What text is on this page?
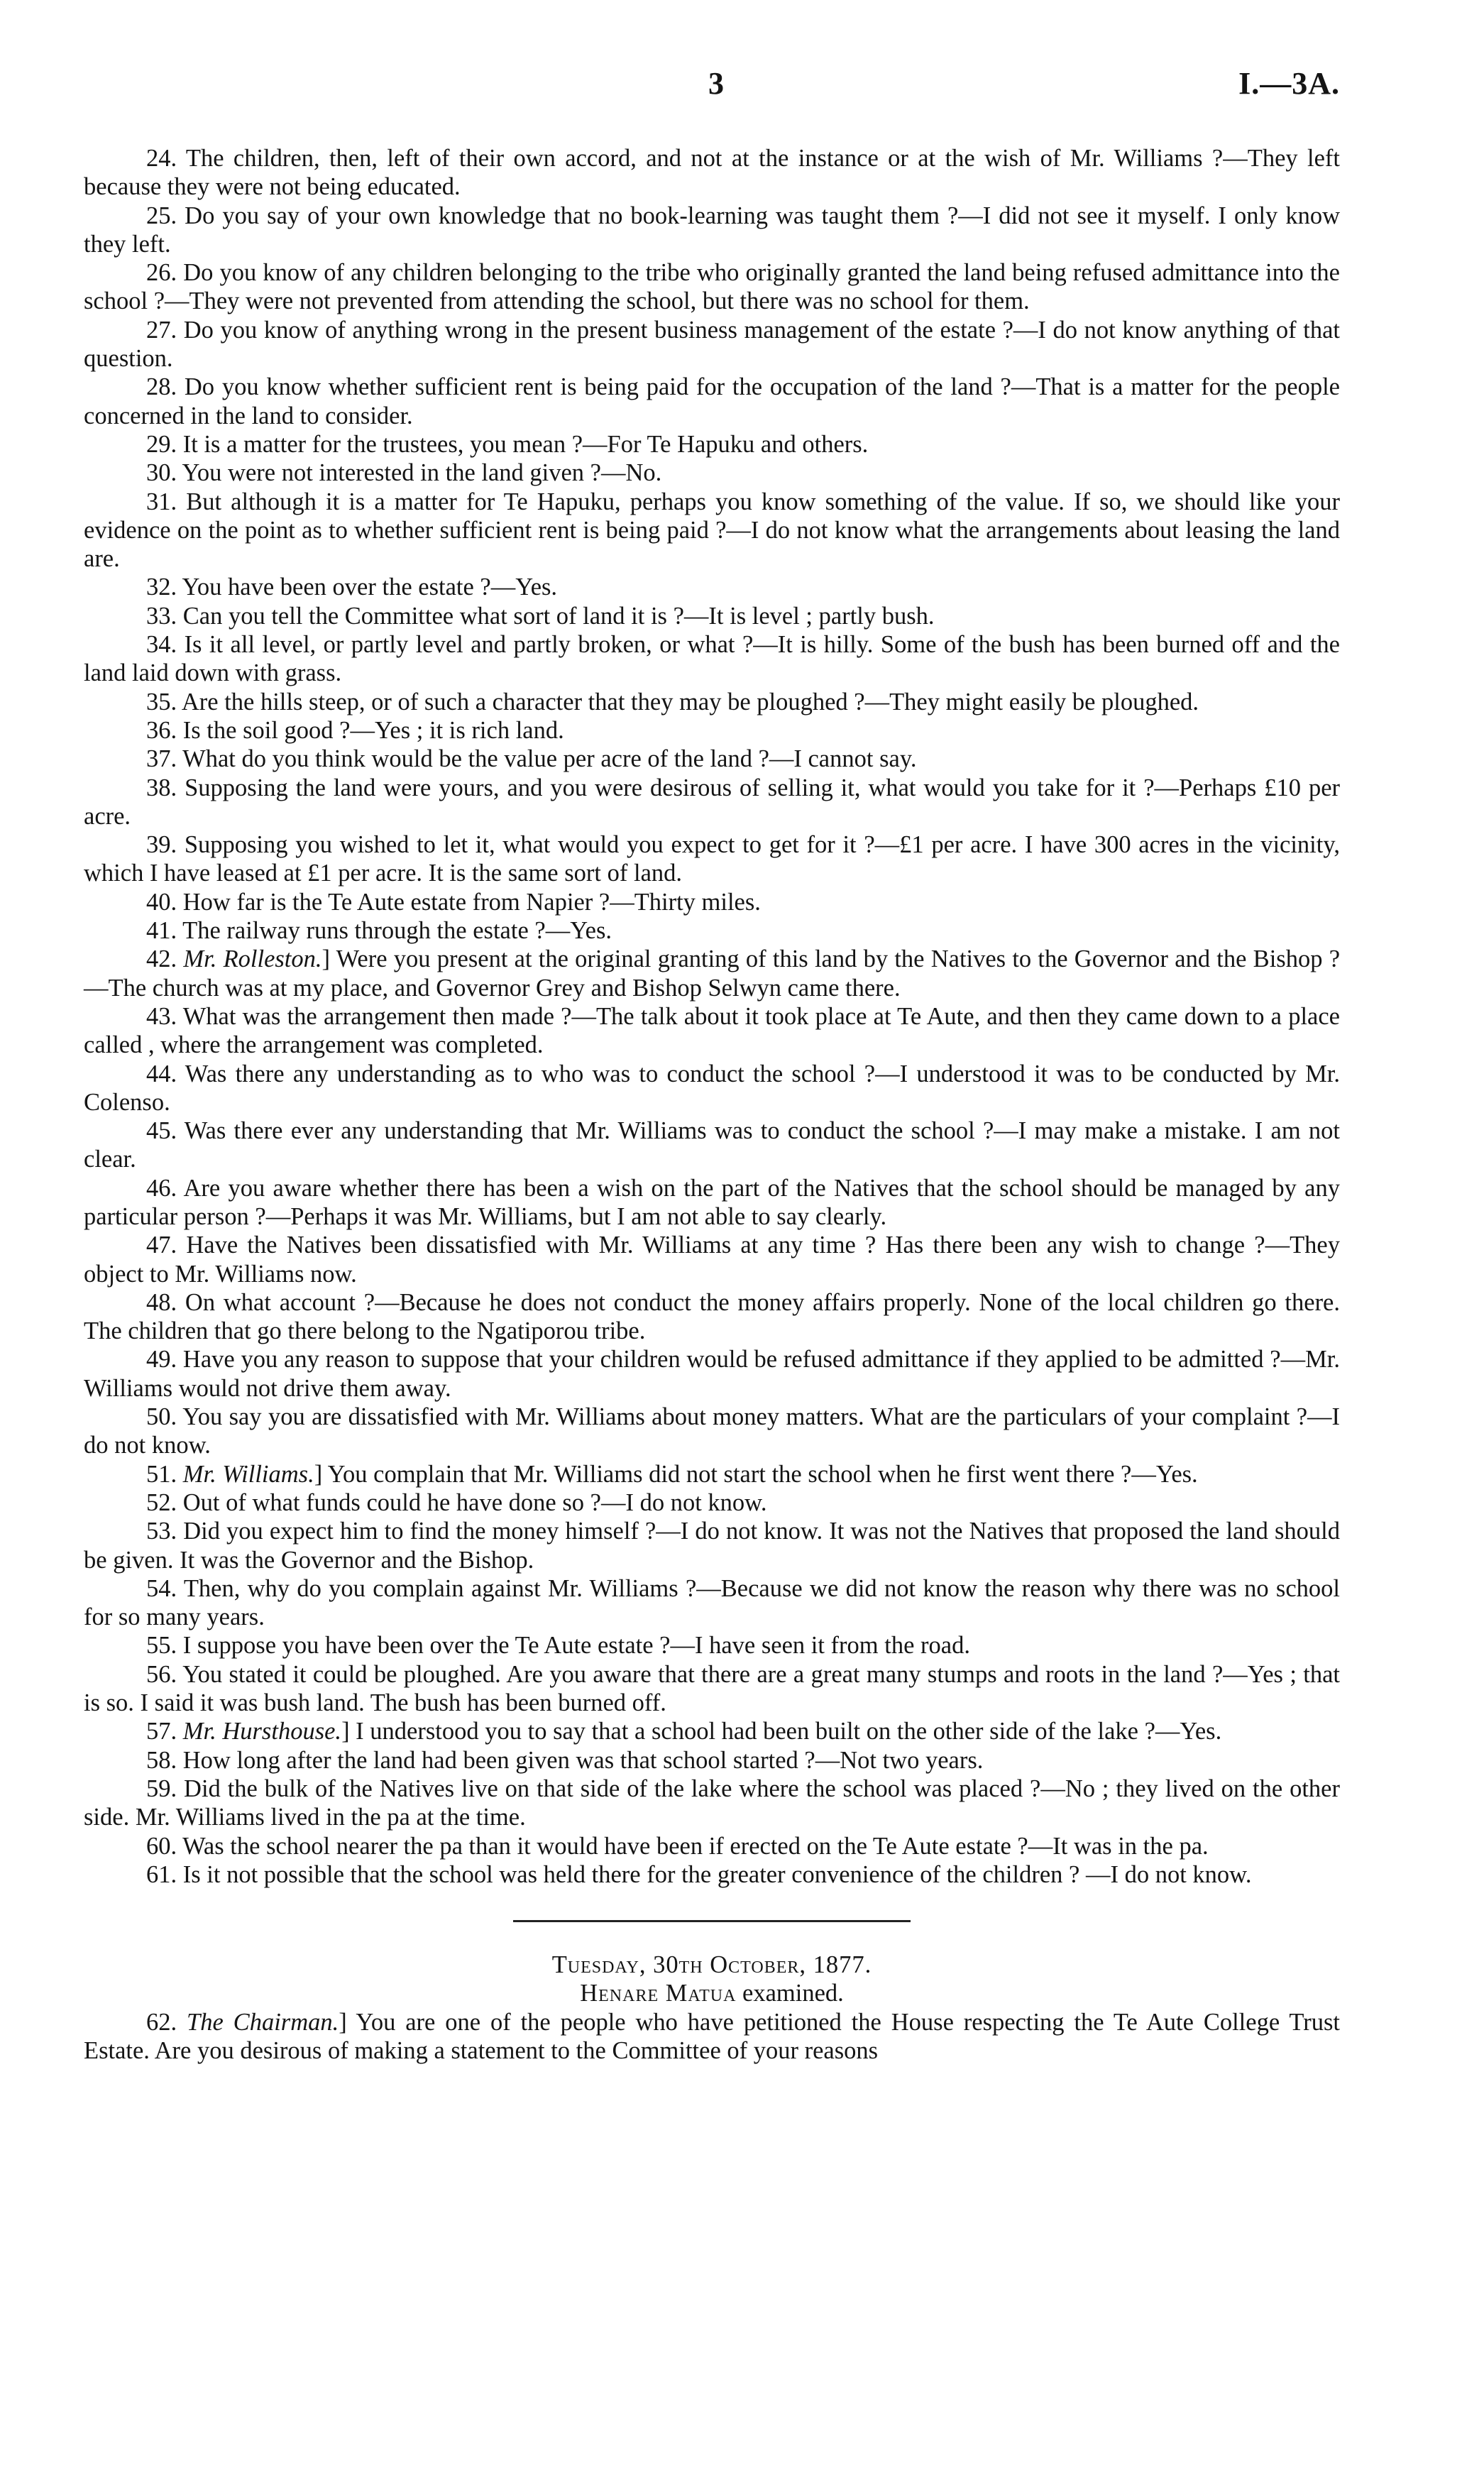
3	I.—3A.

24. The children, then, left of their own accord, and not at the instance or at the wish of Mr. Williams ?—They left because they were not being educated.

25. Do you say of your own knowledge that no book-learning was taught them ?—I did not see it myself. I only know they left.

26. Do you know of any children belonging to the tribe who originally granted the land being refused admittance into the school ?—They were not prevented from attending the school, but there was no school for them.

27. Do you know of anything wrong in the present business management of the estate ?—I do not know anything of that question.

28. Do you know whether sufficient rent is being paid for the occupation of the land ?—That is a matter for the people concerned in the land to consider.

29. It is a matter for the trustees, you mean ?—For Te Hapuku and others.

30. You were not interested in the land given ?—No.

31. But although it is a matter for Te Hapuku, perhaps you know something of the value. If so, we should like your evidence on the point as to whether sufficient rent is being paid ?—I do not know what the arrangements about leasing the land are.

32. You have been over the estate ?—Yes.

33. Can you tell the Committee what sort of land it is ?—It is level ; partly bush.

34. Is it all level, or partly level and partly broken, or what ?—It is hilly. Some of the bush has been burned off and the land laid down with grass.

35. Are the hills steep, or of such a character that they may be ploughed ?—They might easily be ploughed.

36. Is the soil good ?—Yes ; it is rich land.

37. What do you think would be the value per acre of the land ?—I cannot say.

38. Supposing the land were yours, and you were desirous of selling it, what would you take for it ?—Perhaps £10 per acre.

39. Supposing you wished to let it, what would you expect to get for it ?—£1 per acre. I have 300 acres in the vicinity, which I have leased at £1 per acre. It is the same sort of land.

40. How far is the Te Aute estate from Napier ?—Thirty miles.

41. The railway runs through the estate ?—Yes.

42. Mr. Rolleston.] Were you present at the original granting of this land by the Natives to the Governor and the Bishop ?—The church was at my place, and Governor Grey and Bishop Selwyn came there.

43. What was the arrangement then made ?—The talk about it took place at Te Aute, and then they came down to a place called , where the arrangement was completed.

44. Was there any understanding as to who was to conduct the school ?—I understood it was to be conducted by Mr. Colenso.

45. Was there ever any understanding that Mr. Williams was to conduct the school ?—I may make a mistake. I am not clear.

46. Are you aware whether there has been a wish on the part of the Natives that the school should be managed by any particular person ?—Perhaps it was Mr. Williams, but I am not able to say clearly.

47. Have the Natives been dissatisfied with Mr. Williams at any time ? Has there been any wish to change ?—They object to Mr. Williams now.

48. On what account ?—Because he does not conduct the money affairs properly. None of the local children go there. The children that go there belong to the Ngatiporou tribe.

49. Have you any reason to suppose that your children would be refused admittance if they applied to be admitted ?—Mr. Williams would not drive them away.

50. You say you are dissatisfied with Mr. Williams about money matters. What are the particulars of your complaint ?—I do not know.

51. Mr. Williams.] You complain that Mr. Williams did not start the school when he first went there ?—Yes.

52. Out of what funds could he have done so ?—I do not know.

53. Did you expect him to find the money himself ?—I do not know. It was not the Natives that proposed the land should be given. It was the Governor and the Bishop.

54. Then, why do you complain against Mr. Williams ?—Because we did not know the reason why there was no school for so many years.

55. I suppose you have been over the Te Aute estate ?—I have seen it from the road.

56. You stated it could be ploughed. Are you aware that there are a great many stumps and roots in the land ?—Yes ; that is so. I said it was bush land. The bush has been burned off.

57. Mr. Hursthouse.] I understood you to say that a school had been built on the other side of the lake ?—Yes.

58. How long after the land had been given was that school started ?—Not two years.

59. Did the bulk of the Natives live on that side of the lake where the school was placed ?—No ; they lived on the other side. Mr. Williams lived in the pa at the time.

60. Was the school nearer the pa than it would have been if erected on the Te Aute estate ?—It was in the pa.

61. Is it not possible that the school was held there for the greater convenience of the children ? —I do not know.

Tuesday, 30th October, 1877.

Henare Matua examined.

62. The Chairman.] You are one of the people who have petitioned the House respecting the Te Aute College Trust Estate. Are you desirous of making a statement to the Committee of your reasons
